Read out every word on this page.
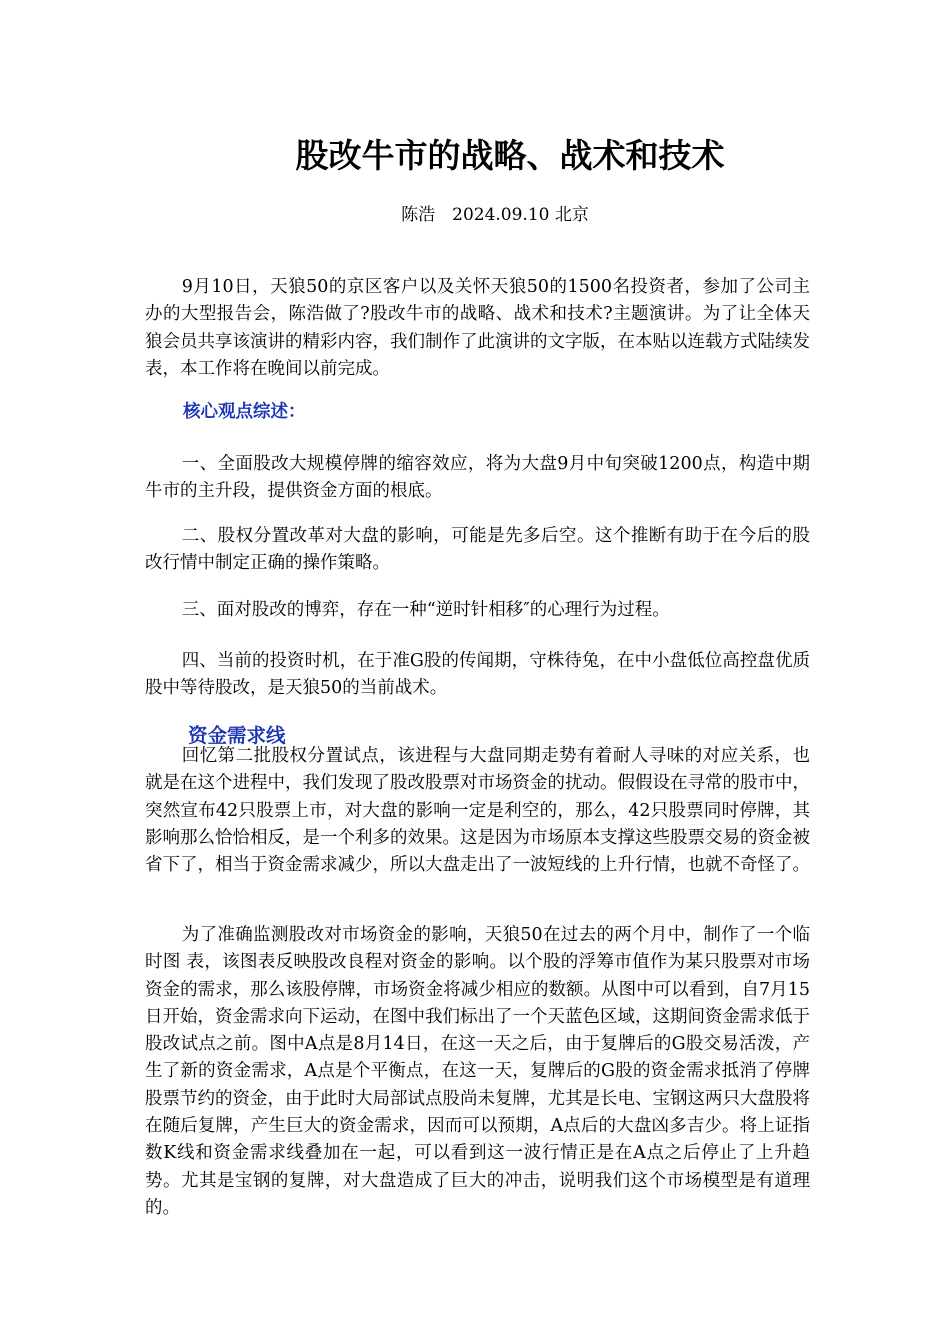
股改牛市的战略、战术和技术
陈浩　2024.09.10 北京

9月10日，天狼50的京区客户以及关怀天狼50的1500名投资者，参加了公司主办的大型报告会，陈浩做了?股改牛市的战略、战术和技术?主题演讲。为了让全体天狼会员共享该演讲的精彩内容，我们制作了此演讲的文字版，在本贴以连载方式陆续发表，本工作将在晚间以前完成。

核心观点综述：

一、全面股改大规模停牌的缩容效应，将为大盘9月中旬突破1200点，构造中期牛市的主升段，提供资金方面的根底。

二、股权分置改革对大盘的影响，可能是先多后空。这个推断有助于在今后的股改行情中制定正确的操作策略。

三、面对股改的博弈，存在一种“逆时针相移″的心理行为过程。

四、当前的投资时机，在于准G股的传闻期，守株待兔，在中小盘低位高控盘优质股中等待股改，是天狼50的当前战术。

资金需求线

回忆第二批股权分置试点，该进程与大盘同期走势有着耐人寻味的对应关系，也就是在这个进程中，我们发现了股改股票对市场资金的扰动。假假设在寻常的股市中，突然宣布42只股票上市，对大盘的影响一定是利空的，那么，42只股票同时停牌，其影响那么恰恰相反，是一个利多的效果。这是因为市场原本支撑这些股票交易的资金被省下了，相当于资金需求减少，所以大盘走出了一波短线的上升行情，也就不奇怪了。

为了准确监测股改对市场资金的影响，天狼50在过去的两个月中，制作了一个临时图 表，该图表反映股改良程对资金的影响。以个股的浮筹市值作为某只股票对市场资金的需求，那么该股停牌，市场资金将减少相应的数额。从图中可以看到，自7月15日开始，资金需求向下运动，在图中我们标出了一个天蓝色区域，这期间资金需求低于股改试点之前。图中A点是8月14日，在这一天之后，由于复牌后的G股交易活泼，产生了新的资金需求，A点是个平衡点，在这一天，复牌后的G股的资金需求抵消了停牌股票节约的资金，由于此时大局部试点股尚未复牌，尤其是长电、宝钢这两只大盘股将在随后复牌，产生巨大的资金需求，因而可以预期，A点后的大盘凶多吉少。将上证指数K线和资金需求线叠加在一起，可以看到这一波行情正是在A点之后停止了上升趋势。尤其是宝钢的复牌，对大盘造成了巨大的冲击，说明我们这个市场模型是有道理的。
